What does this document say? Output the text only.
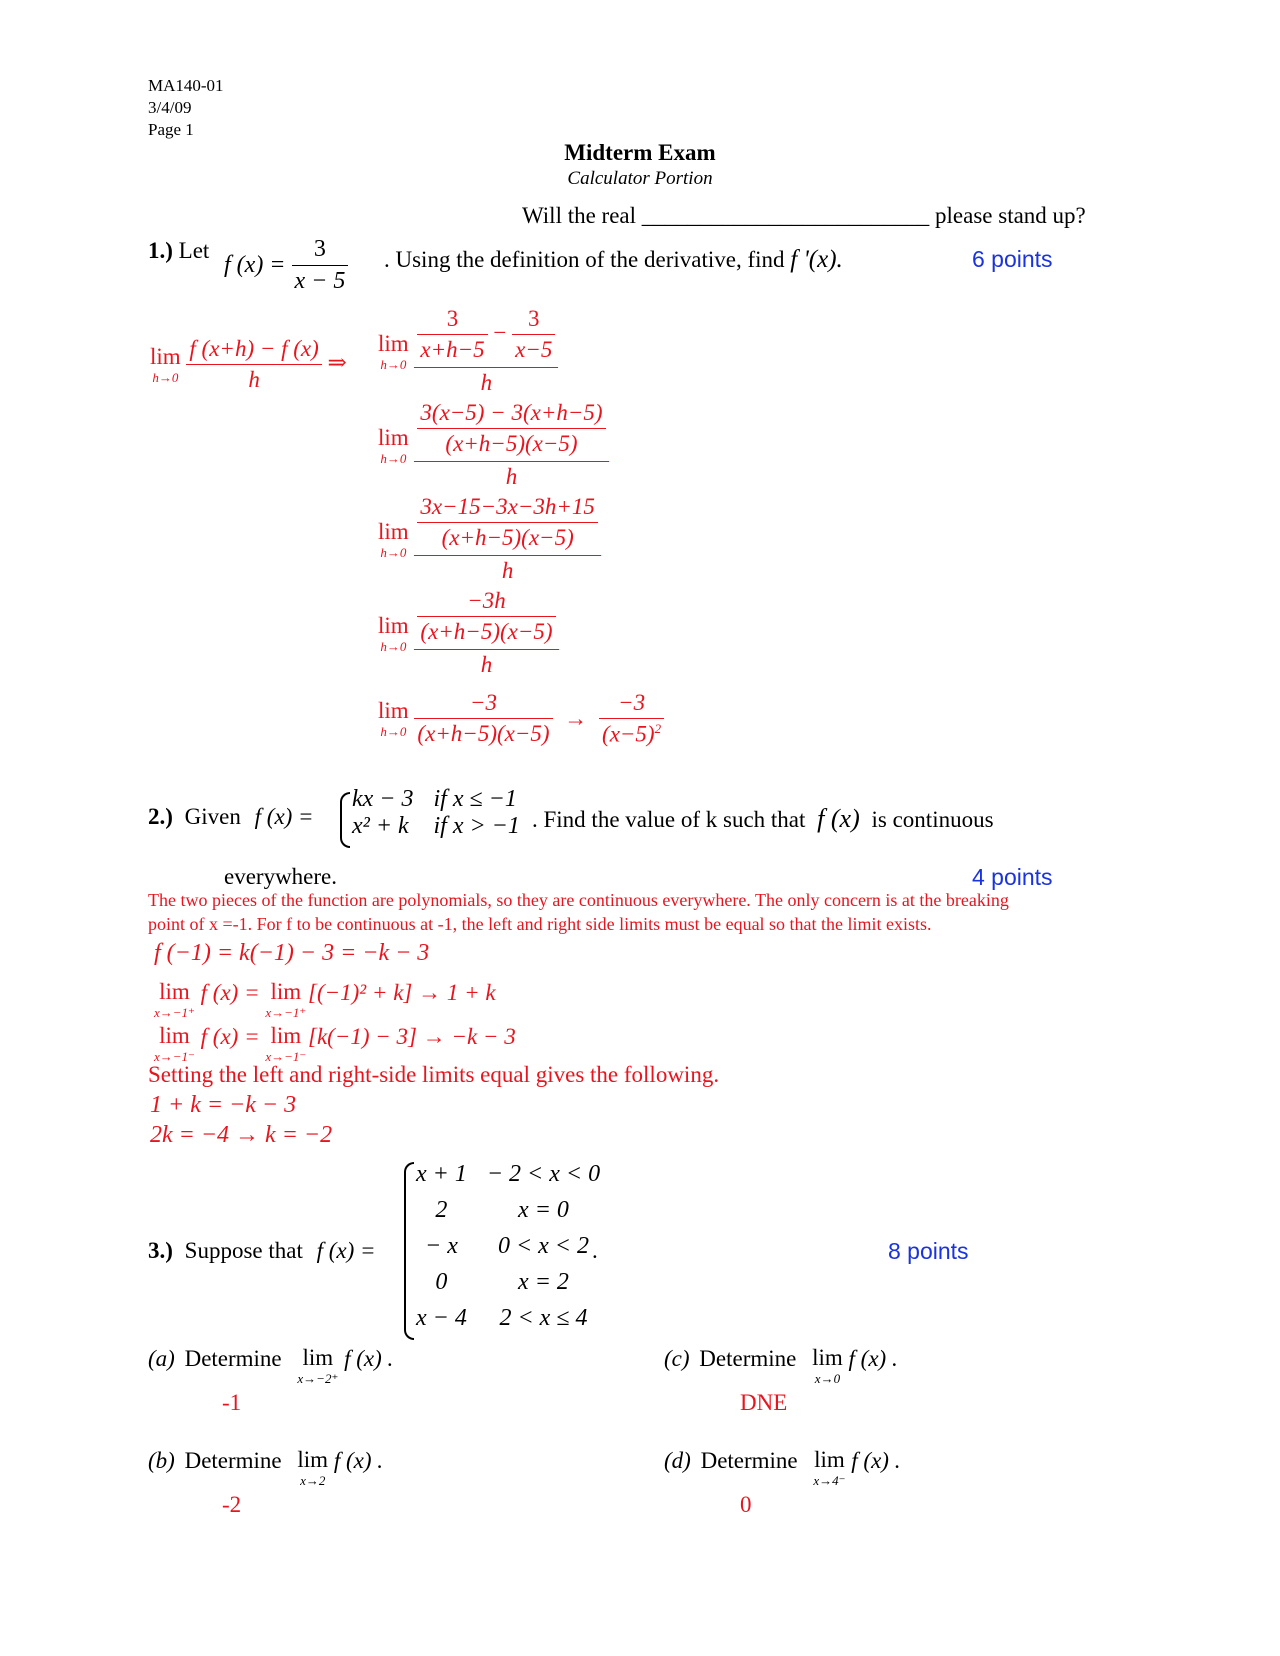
MA140-01
3/4/09
Page 1
Midterm Exam
Calculator Portion
Will the real _________________________ please stand up?
1.) Let
f $(x) = \frac{3}{x - 5}$ . Using the definition of the derivative, find f '(x).	6 points
lim
h→0
$\frac{f (x+h) - f (x)}{h}$ ⇒
lim
h→0
$\frac{\frac{3}{x+h-5} - \frac{3}{x-5}}{h}$
lim
h→0
$\frac{\frac{3(x-5) - 3(x+h-5)}{(x+h-5)(x-5)}}{h}$
lim
h→0
$\frac{\frac{3x-15-3x-3h+15}{(x+h-5)(x-5)}}{h}$
lim
h→0
$\frac{\frac{-3h}{(x+h-5)(x-5)}}{h}$
lim
h→0
$\frac{-3}{(x+h-5)(x-5)} \to \frac{-3}{(x-5)^2}$
2.) Given f (x) =
kx − 3	if x ≤ −1
x² + k	if x > −1 . Find the value of k such that f (x) is continuous
everywhere.	4 points
The two pieces of the function are polynomials, so they are continuous everywhere. The only concern is at the breaking
point of x =-1. For f to be continuous at -1, the left and right side limits must be equal so that the limit exists.
f (−1) = k(−1) − 3 = −k − 3
lim
x→−1⁺
f (x) = lim
x→−1⁺
[(−1)² + k] → 1 + k
lim
x→−1⁻
f (x) = lim
x→−1⁻
[k(−1) − 3] → −k − 3
Setting the left and right-side limits equal gives the following.
1 + k = −k − 3
2k = −4 → k = −2
3.) Suppose that f (x) =
x + 1	− 2 < x < 0
2	x = 0
− x	0 < x < 2
0	x = 2
x − 4	2 < x ≤ 4
.	8 points
(a) Determine lim
x→−2⁺
f (x) .
-1
(b) Determine lim
x→2
f (x) .
-2
(c) Determine lim
x→0
f (x) .
DNE
(d) Determine lim
x→4⁻
f (x) .
0
